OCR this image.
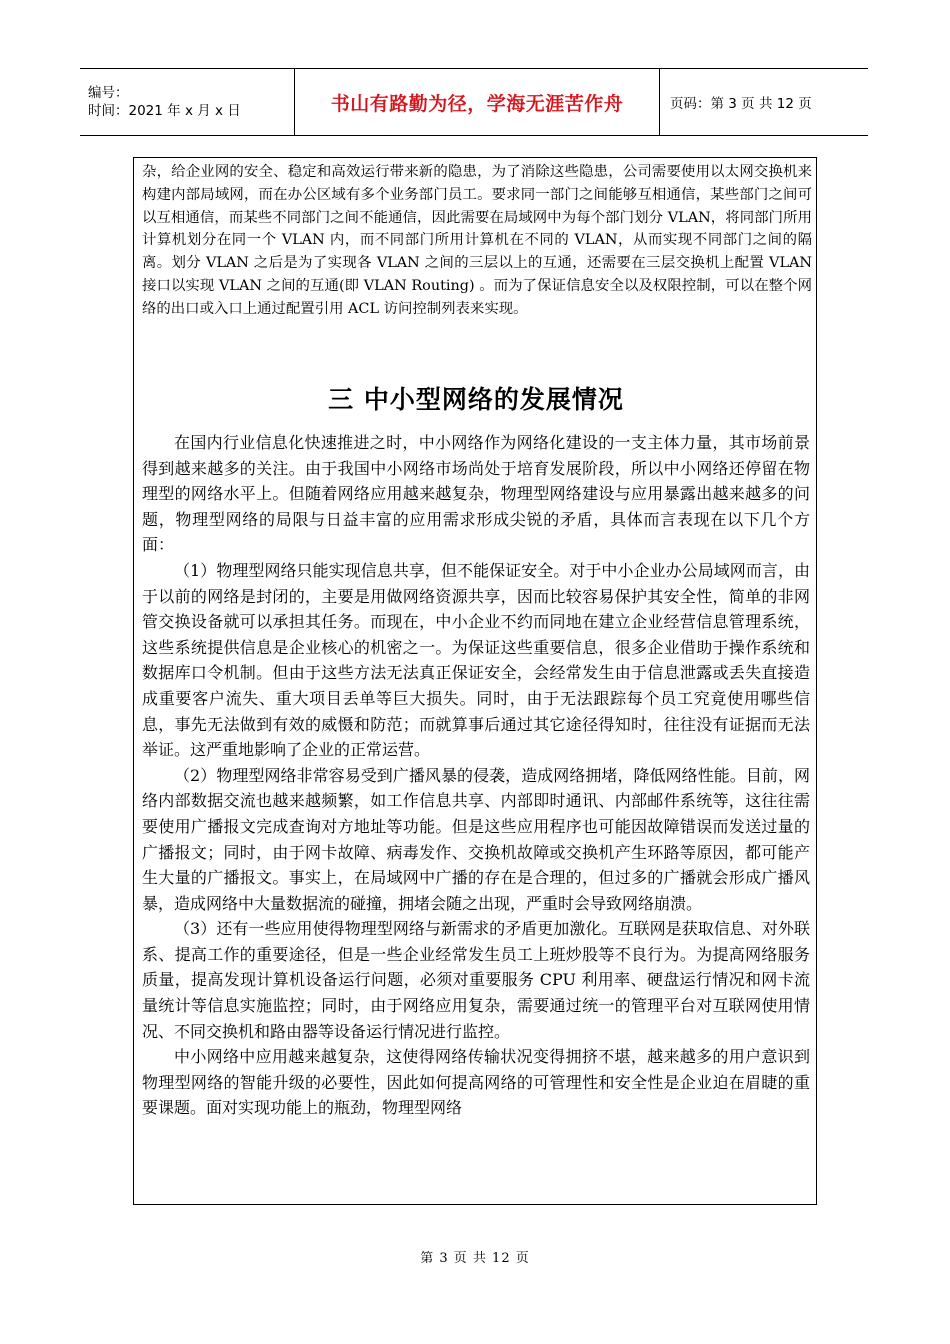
编号：
时间：2021 年 x 月 x 日	书山有路勤为径，学海无涯苦作舟	页码：第 3 页 共 12 页

杂，给企业网的安全、稳定和高效运行带来新的隐患，为了消除这些隐患，公司需要使用以太网交换机来构建内部局域网，而在办公区域有多个业务部门员工。要求同一部门之间能够互相通信，某些部门之间可以互相通信，而某些不同部门之间不能通信，因此需要在局域网中为每个部门划分 VLAN，将同部门所用计算机划分在同一个 VLAN 内，而不同部门所用计算机在不同的 VLAN，从而实现不同部门之间的隔离。划分 VLAN 之后是为了实现各 VLAN 之间的三层以上的互通，还需要在三层交换机上配置 VLAN 接口以实现 VLAN 之间的互通(即 VLAN Routing) 。而为了保证信息安全以及权限控制，可以在整个网络的出口或入口上通过配置引用 ACL 访问控制列表来实现。

三 中小型网络的发展情况

在国内行业信息化快速推进之时，中小网络作为网络化建设的一支主体力量，其市场前景得到越来越多的关注。由于我国中小网络市场尚处于培育发展阶段，所以中小网络还停留在物理型的网络水平上。但随着网络应用越来越复杂，物理型网络建设与应用暴露出越来越多的问题，物理型网络的局限与日益丰富的应用需求形成尖锐的矛盾，具体而言表现在以下几个方面：

（1）物理型网络只能实现信息共享，但不能保证安全。对于中小企业办公局域网而言，由于以前的网络是封闭的，主要是用做网络资源共享，因而比较容易保护其安全性，简单的非网管交换设备就可以承担其任务。而现在，中小企业不约而同地在建立企业经营信息管理系统，这些系统提供信息是企业核心的机密之一。为保证这些重要信息，很多企业借助于操作系统和数据库口令机制。但由于这些方法无法真正保证安全，会经常发生由于信息泄露或丢失直接造成重要客户流失、重大项目丢单等巨大损失。同时，由于无法跟踪每个员工究竟使用哪些信息，事先无法做到有效的威慑和防范；而就算事后通过其它途径得知时，往往没有证据而无法举证。这严重地影响了企业的正常运营。

（2）物理型网络非常容易受到广播风暴的侵袭，造成网络拥堵，降低网络性能。目前，网络内部数据交流也越来越频繁，如工作信息共享、内部即时通讯、内部邮件系统等，这往往需要使用广播报文完成查询对方地址等功能。但是这些应用程序也可能因故障错误而发送过量的广播报文；同时，由于网卡故障、病毒发作、交换机故障或交换机产生环路等原因，都可能产生大量的广播报文。事实上，在局域网中广播的存在是合理的，但过多的广播就会形成广播风暴，造成网络中大量数据流的碰撞，拥堵会随之出现，严重时会导致网络崩溃。

（3）还有一些应用使得物理型网络与新需求的矛盾更加激化。互联网是获取信息、对外联系、提高工作的重要途径，但是一些企业经常发生员工上班炒股等不良行为。为提高网络服务质量，提高发现计算机设备运行问题，必须对重要服务 CPU 利用率、硬盘运行情况和网卡流量统计等信息实施监控；同时，由于网络应用复杂，需要通过统一的管理平台对互联网使用情况、不同交换机和路由器等设备运行情况进行监控。

中小网络中应用越来越复杂，这使得网络传输状况变得拥挤不堪，越来越多的用户意识到物理型网络的智能升级的必要性，因此如何提高网络的可管理性和安全性是企业迫在眉睫的重要课题。面对实现功能上的瓶劲，物理型网络

第 3 页 共 12 页
